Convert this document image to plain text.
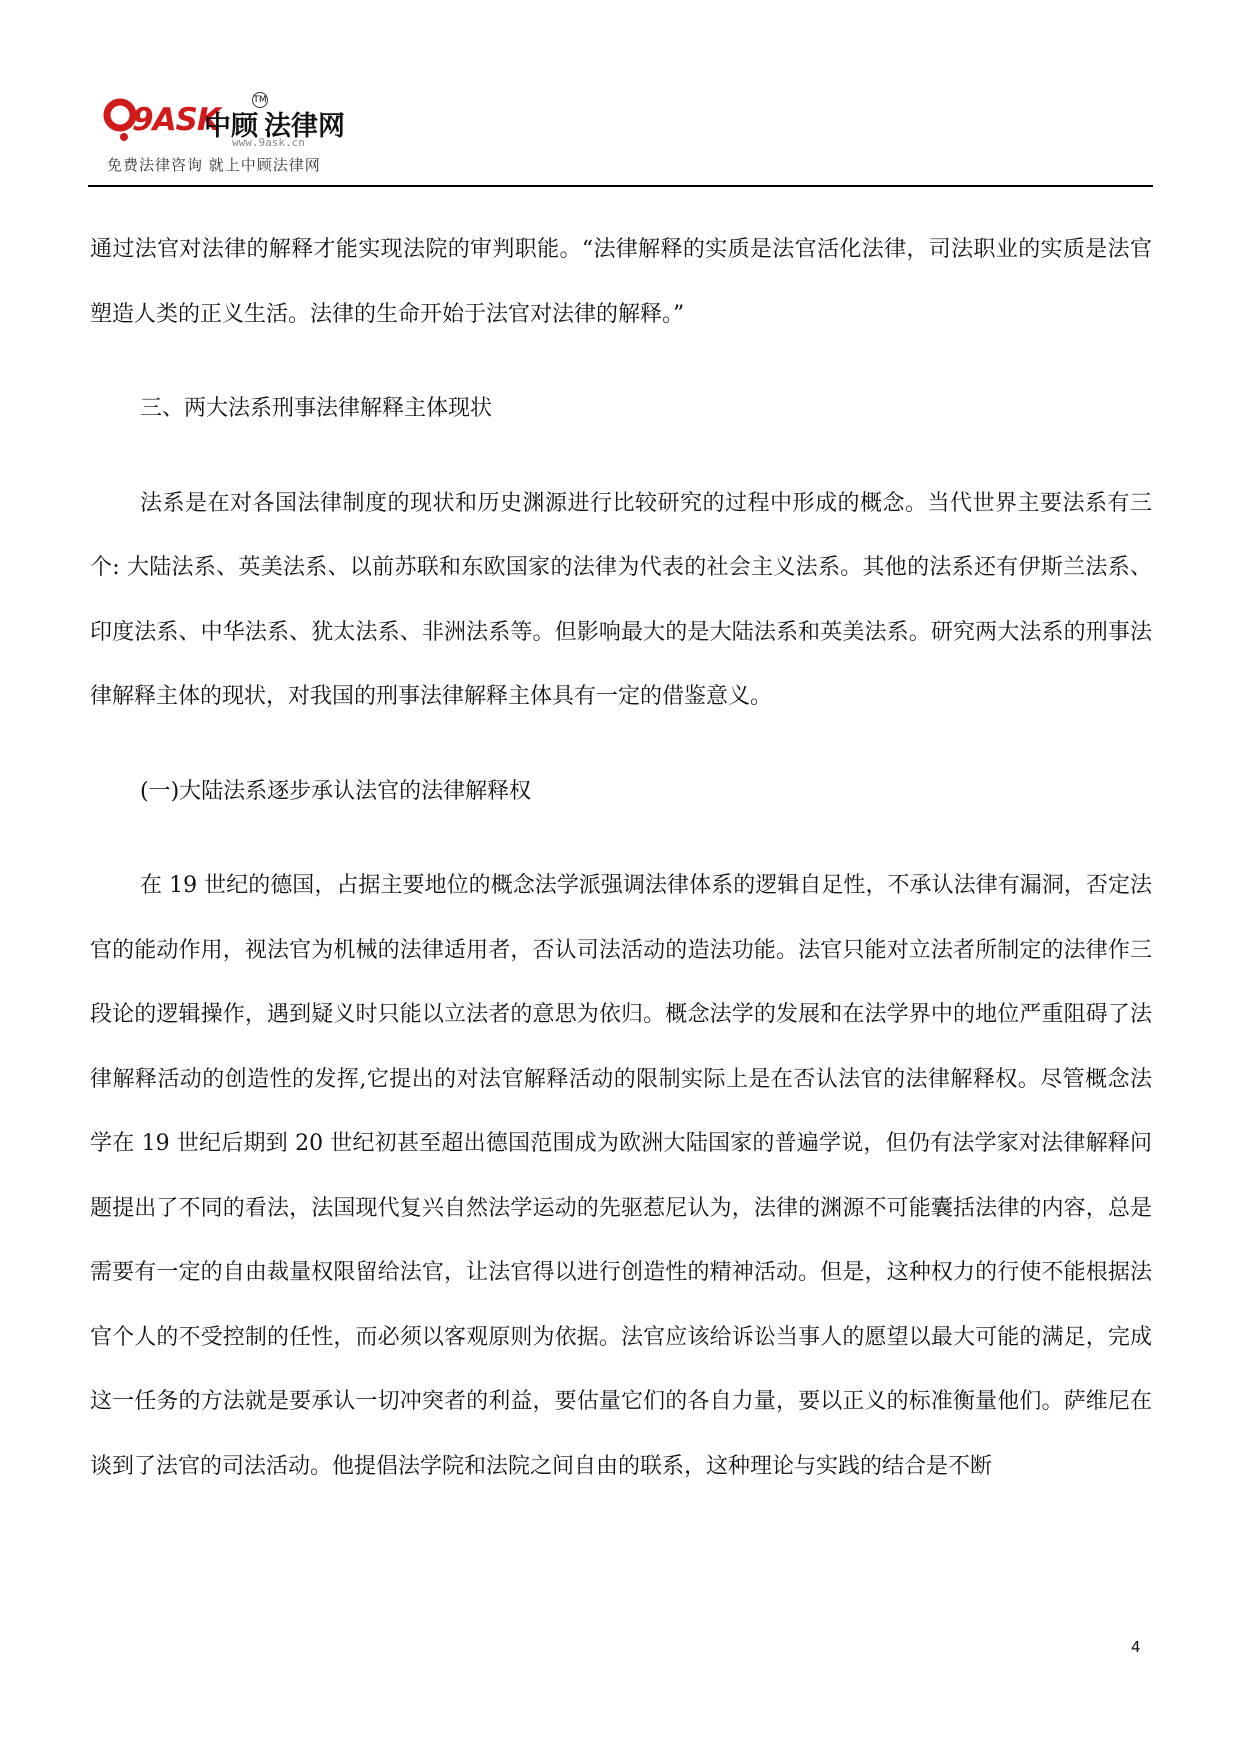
9ASK
中顾
TM
法律网
www.9ask.cn
免费法律咨询 就上中顾法律网

通过法官对法律的解释才能实现法院的审判职能。“法律解释的实质是法官活化法律，司法职业的实质是法官塑造人类的正义生活。法律的生命开始于法官对法律的解释。”

三、两大法系刑事法律解释主体现状

法系是在对各国法律制度的现状和历史渊源进行比较研究的过程中形成的概念。当代世界主要法系有三个: 大陆法系、英美法系、以前苏联和东欧国家的法律为代表的社会主义法系。其他的法系还有伊斯兰法系、印度法系、中华法系、犹太法系、非洲法系等。但影响最大的是大陆法系和英美法系。研究两大法系的刑事法律解释主体的现状，对我国的刑事法律解释主体具有一定的借鉴意义。

(一)大陆法系逐步承认法官的法律解释权

在 19 世纪的德国，占据主要地位的概念法学派强调法律体系的逻辑自足性，不承认法律有漏洞，否定法官的能动作用，视法官为机械的法律适用者，否认司法活动的造法功能。法官只能对立法者所制定的法律作三段论的逻辑操作，遇到疑义时只能以立法者的意思为依归。概念法学的发展和在法学界中的地位严重阻碍了法律解释活动的创造性的发挥,它提出的对法官解释活动的限制实际上是在否认法官的法律解释权。尽管概念法学在 19 世纪后期到 20 世纪初甚至超出德国范围成为欧洲大陆国家的普遍学说，但仍有法学家对法律解释问题提出了不同的看法，法国现代复兴自然法学运动的先驱惹尼认为，法律的渊源不可能囊括法律的内容，总是需要有一定的自由裁量权限留给法官，让法官得以进行创造性的精神活动。但是，这种权力的行使不能根据法官个人的不受控制的任性，而必须以客观原则为依据。法官应该给诉讼当事人的愿望以最大可能的满足，完成这一任务的方法就是要承认一切冲突者的利益，要估量它们的各自力量，要以正义的标准衡量他们。萨维尼在谈到了法官的司法活动。他提倡法学院和法院之间自由的联系，这种理论与实践的结合是不断

4
